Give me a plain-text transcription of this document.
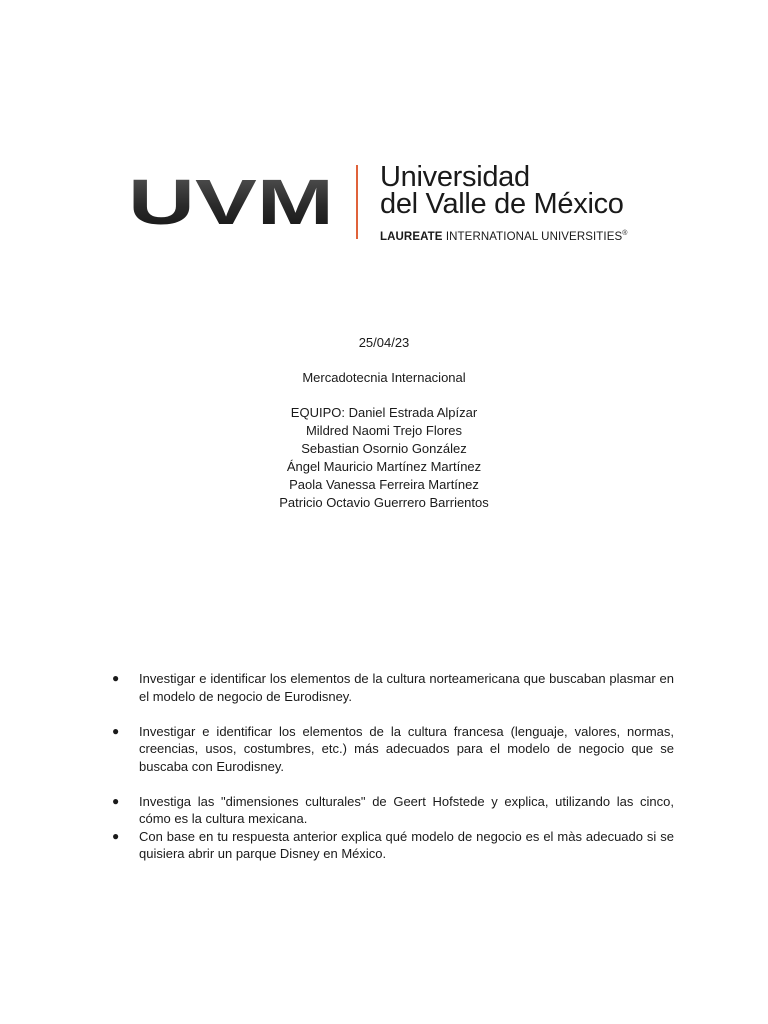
UVM Universidad
del Valle de México
LAUREATE INTERNATIONAL UNIVERSITIES®
25/04/23
Mercadotecnia Internacional
EQUIPO: Daniel Estrada Alpízar
Mildred Naomi Trejo Flores
Sebastian Osornio González
Ángel Mauricio Martínez Martínez
Paola Vanessa Ferreira Martínez
Patricio Octavio Guerrero Barrientos
●	Investigar e identificar los elementos de la cultura norteamericana que buscaban plasmar en el modelo de negocio de Eurodisney.
●	Investigar e identificar los elementos de la cultura francesa (lenguaje, valores, normas, creencias, usos, costumbres, etc.) más adecuados para el modelo de negocio que se buscaba con Eurodisney.
●	Investiga las "dimensiones culturales" de Geert Hofstede y explica, utilizando las cinco, cómo es la cultura mexicana.
●	Con base en tu respuesta anterior explica qué modelo de negocio es el màs adecuado si se quisiera abrir un parque Disney en México.
